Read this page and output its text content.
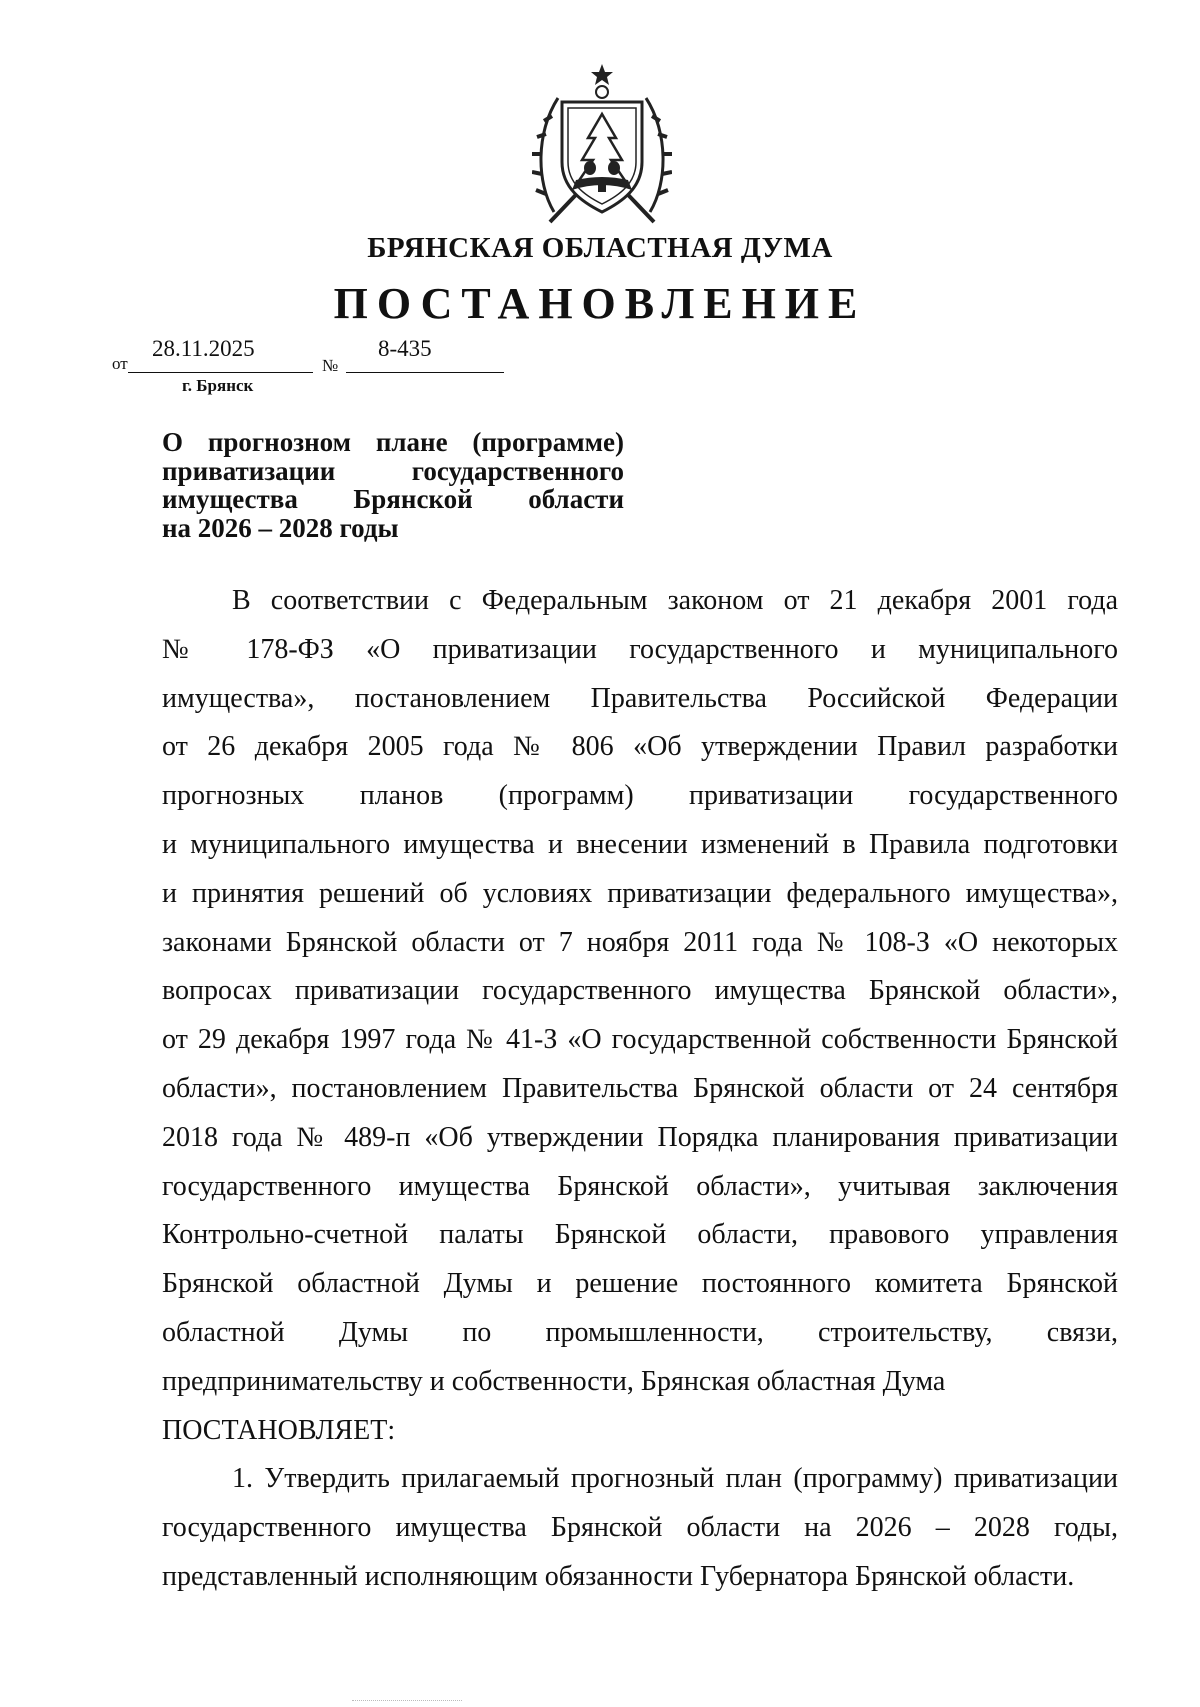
БРЯНСКАЯ ОБЛАСТНАЯ ДУМА
ПОСТАНОВЛЕНИЕ
от
28.11.2025
№
8-435
г. Брянск
О прогнозном плане (программе)
приватизации государственного
имущества Брянской области
на 2026 – 2028 годы
В соответствии с Федеральным законом от 21 декабря 2001 года
№ 178-ФЗ «О приватизации государственного и муниципального
имущества», постановлением Правительства Российской Федерации
от 26 декабря 2005 года № 806 «Об утверждении Правил разработки
прогнозных планов (программ) приватизации государственного
и муниципального имущества и внесении изменений в Правила подготовки
и принятия решений об условиях приватизации федерального имущества»,
законами Брянской области от 7 ноября 2011 года № 108-З «О некоторых
вопросах приватизации государственного имущества Брянской области»,
от 29 декабря 1997 года № 41-З «О государственной собственности Брянской
области», постановлением Правительства Брянской области от 24 сентября
2018 года № 489-п «Об утверждении Порядка планирования приватизации
государственного имущества Брянской области», учитывая заключения
Контрольно-счетной палаты Брянской области, правового управления
Брянской областной Думы и решение постоянного комитета Брянской
областной Думы по промышленности, строительству, связи,
предпринимательству и собственности, Брянская областная Дума
ПОСТАНОВЛЯЕТ:
1. Утвердить прилагаемый прогнозный план (программу) приватизации
государственного имущества Брянской области на 2026 – 2028 годы,
представленный исполняющим обязанности Губернатора Брянской области.
